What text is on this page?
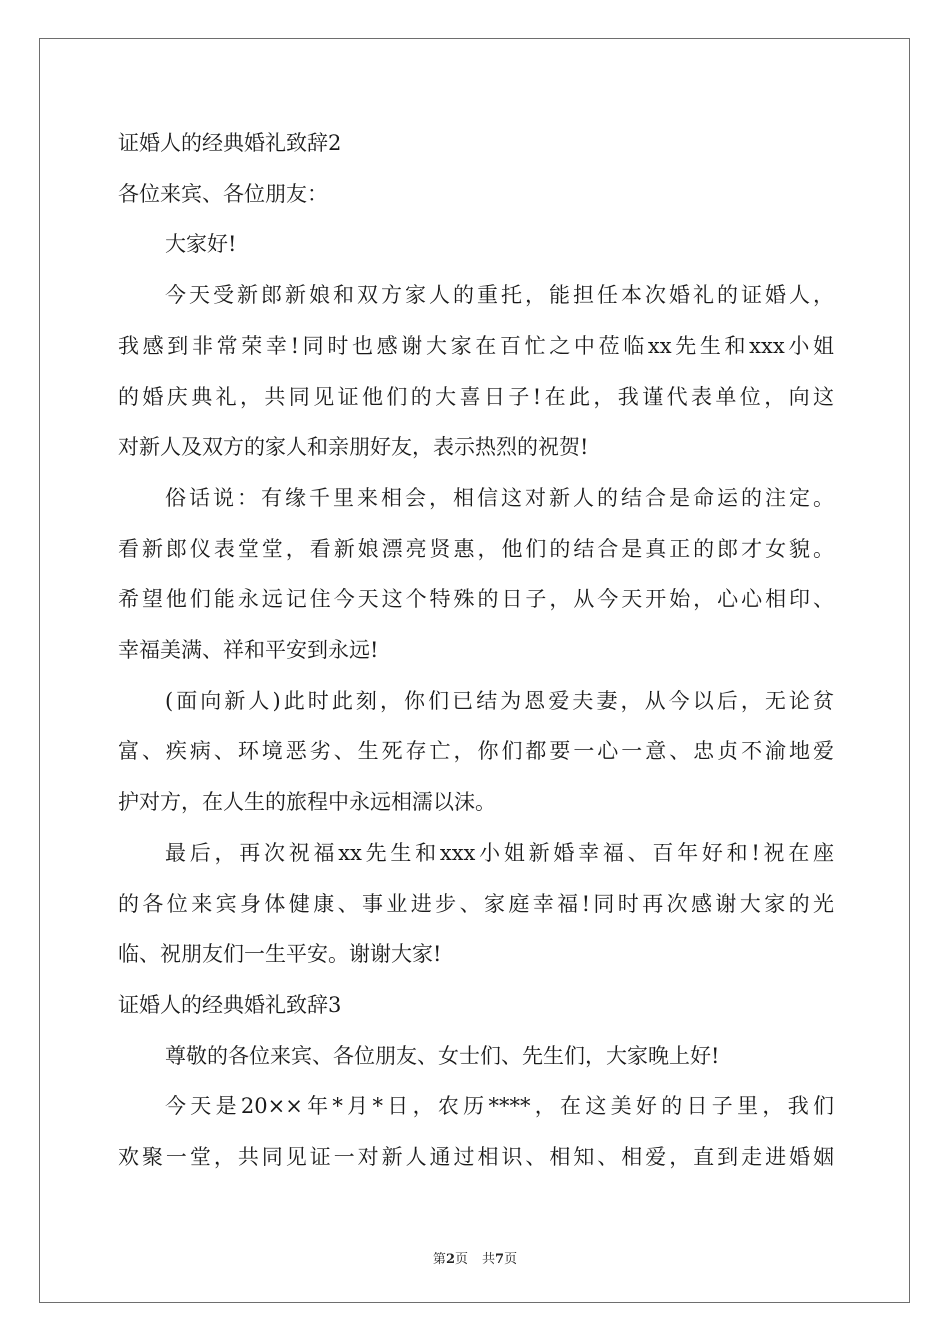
证婚人的经典婚礼致辞2
各位来宾、各位朋友：
大家好!
今天受新郎新娘和双方家人的重托，能担任本次婚礼的证婚人，
我感到非常荣幸!同时也感谢大家在百忙之中莅临xx先生和xxx小姐
的婚庆典礼，共同见证他们的大喜日子!在此，我谨代表单位，向这
对新人及双方的家人和亲朋好友，表示热烈的祝贺!
俗话说：有缘千里来相会，相信这对新人的结合是命运的注定。
看新郎仪表堂堂，看新娘漂亮贤惠，他们的结合是真正的郎才女貌。
希望他们能永远记住今天这个特殊的日子，从今天开始，心心相印、
幸福美满、祥和平安到永远!
(面向新人)此时此刻，你们已结为恩爱夫妻，从今以后，无论贫
富、疾病、环境恶劣、生死存亡，你们都要一心一意、忠贞不渝地爱
护对方，在人生的旅程中永远相濡以沫。
最后，再次祝福xx先生和xxx小姐新婚幸福、百年好和!祝在座
的各位来宾身体健康、事业进步、家庭幸福!同时再次感谢大家的光
临、祝朋友们一生平安。谢谢大家!
证婚人的经典婚礼致辞3
尊敬的各位来宾、各位朋友、女士们、先生们，大家晚上好!
今天是20××年*月*日，农历****，在这美好的日子里，我们
欢聚一堂，共同见证一对新人通过相识、相知、相爱，直到走进婚姻
第2页 共7页
